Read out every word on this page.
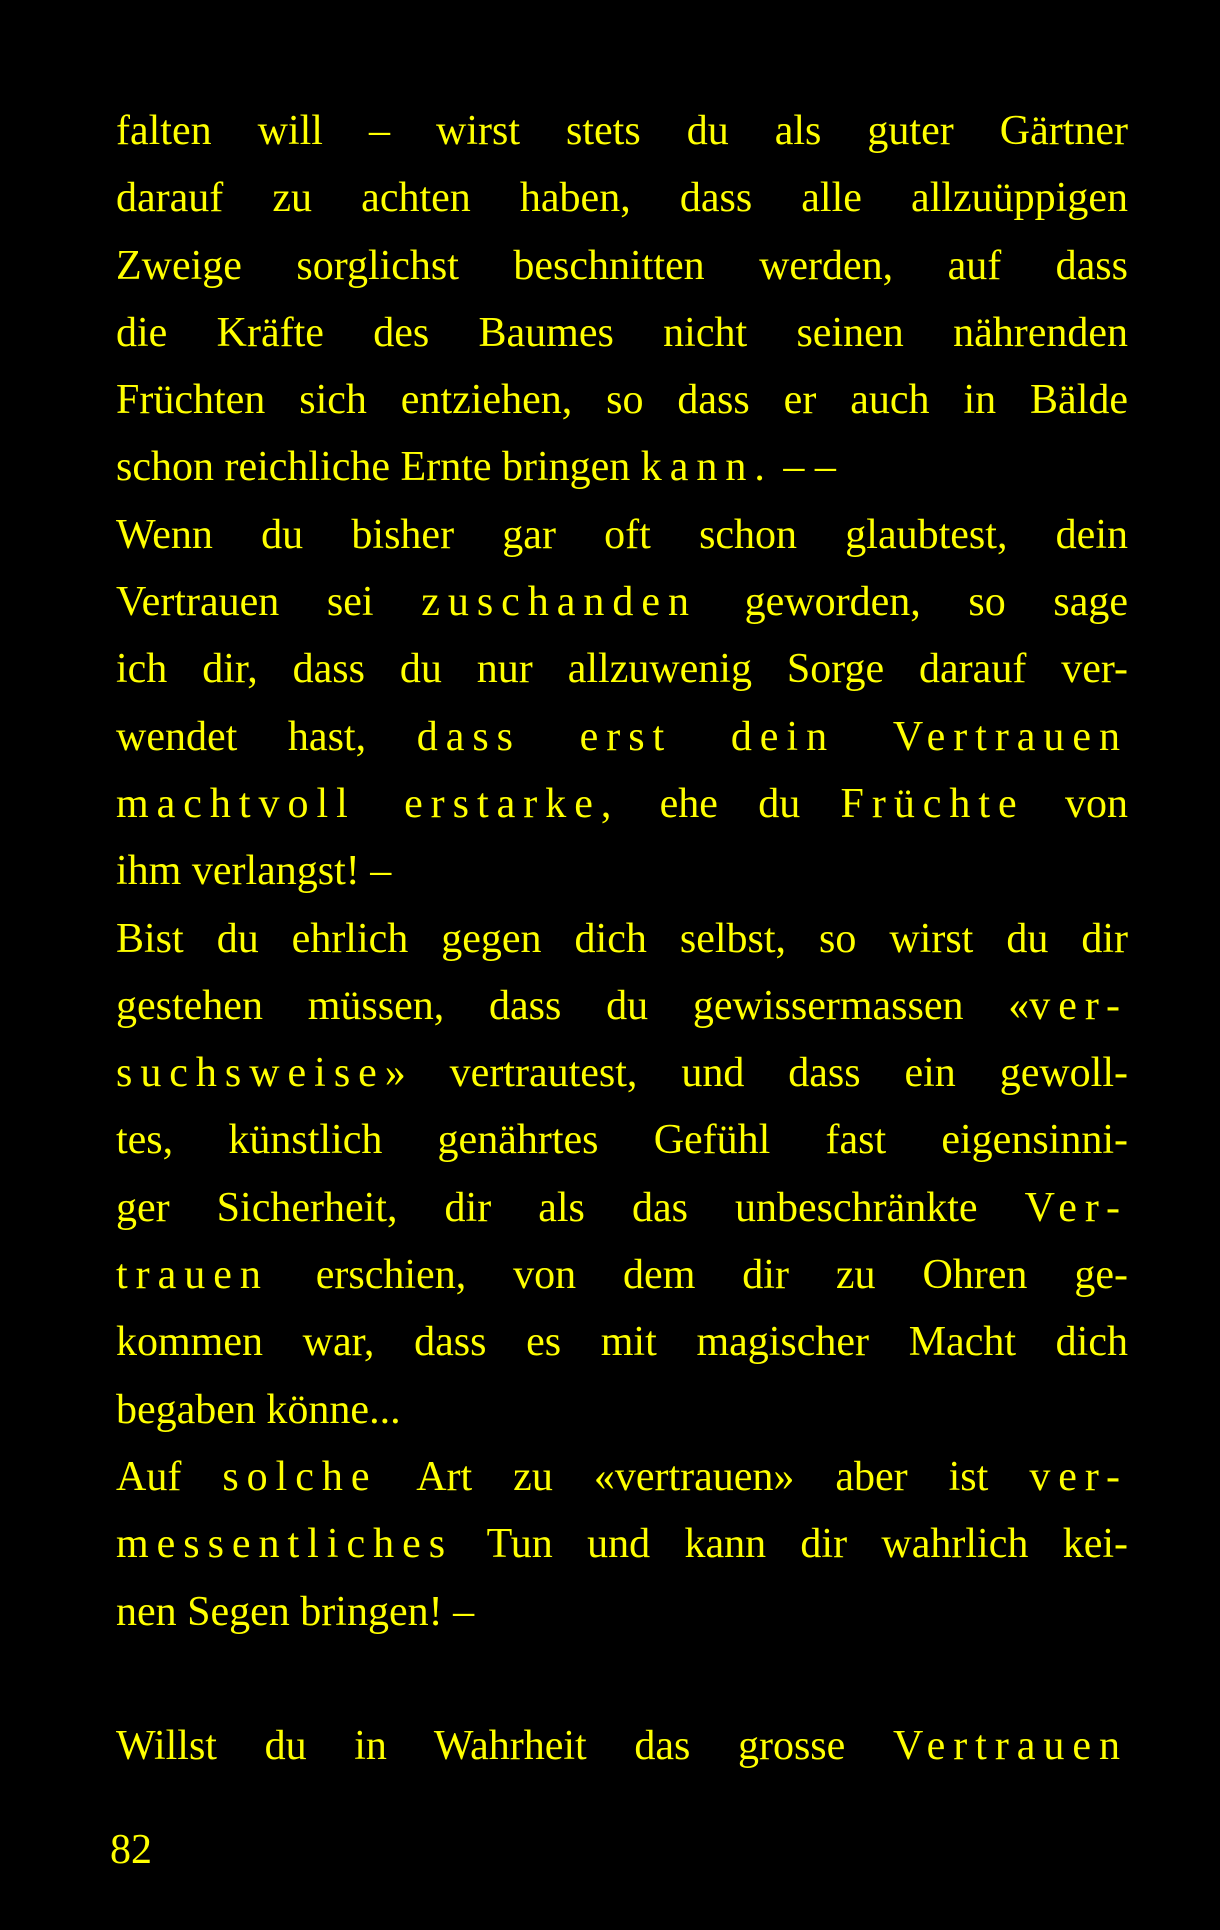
falten will – wirst stets du als guter Gärtner
darauf zu achten haben, dass alle allzuüppigen
Zweige sorglichst beschnitten werden, auf dass
die Kräfte des Baumes nicht seinen nährenden
Früchten sich entziehen, so dass er auch in Bälde
schon reichliche Ernte bringen kann. – –
Wenn du bisher gar oft schon glaubtest, dein
Vertrauen sei zuschanden geworden, so sage
ich dir, dass du nur allzuwenig Sorge darauf ver-
wendet hast, dass erst dein Vertrauen
machtvoll erstarke, ehe du Früchte von
ihm verlangst! –
Bist du ehrlich gegen dich selbst, so wirst du dir
gestehen müssen, dass du gewissermassen «ver-
suchsweise» vertrautest, und dass ein gewoll-
tes, künstlich genährtes Gefühl fast eigensinni-
ger Sicherheit, dir als das unbeschränkte Ver-
trauen erschien, von dem dir zu Ohren ge-
kommen war, dass es mit magischer Macht dich
begaben könne...
Auf solche Art zu «vertrauen» aber ist ver-
messentliches Tun und kann dir wahrlich kei-
nen Segen bringen! –
Willst du in Wahrheit das grosse Vertrauen
82
